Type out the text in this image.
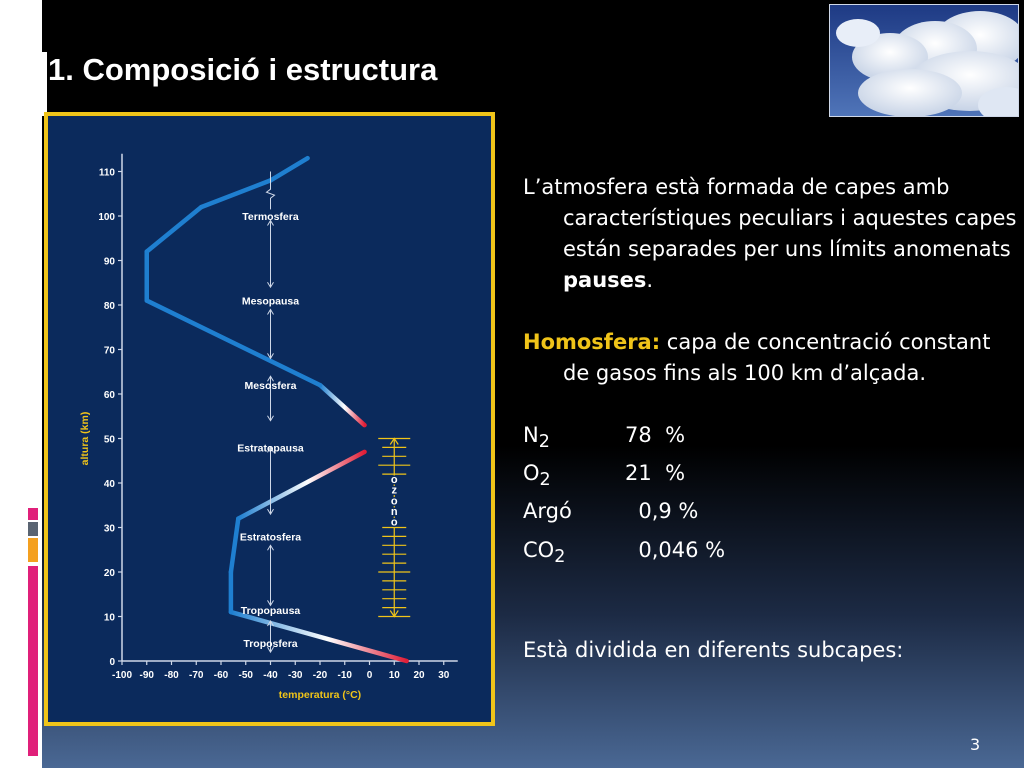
1. Composició i estructura
0
10
20
30
40
50
60
70
80
90
100
110
-100 -90 -80 -70 -60 -50 -40 -30 -20 -10 0 10 20 30
temperatura (°C)
altura (km)
Termosfera
Mesopausa
Mesosfera
Estratopausa
Estratosfera
Tropopausa
Troposfera
o
z
o
n
o

L’atmosfera està formada de capes amb característiques peculiars i aquestes capes están separades per uns límits anomenats pauses.

Homosfera: capa de concentració constant de gasos fins als 100 km d’alçada.

$N_2$	78  %
$O_2$	21  %
Argó	0,9 %
$CO_2$	0,046 %

Està dividida en diferents subcapes:

3
